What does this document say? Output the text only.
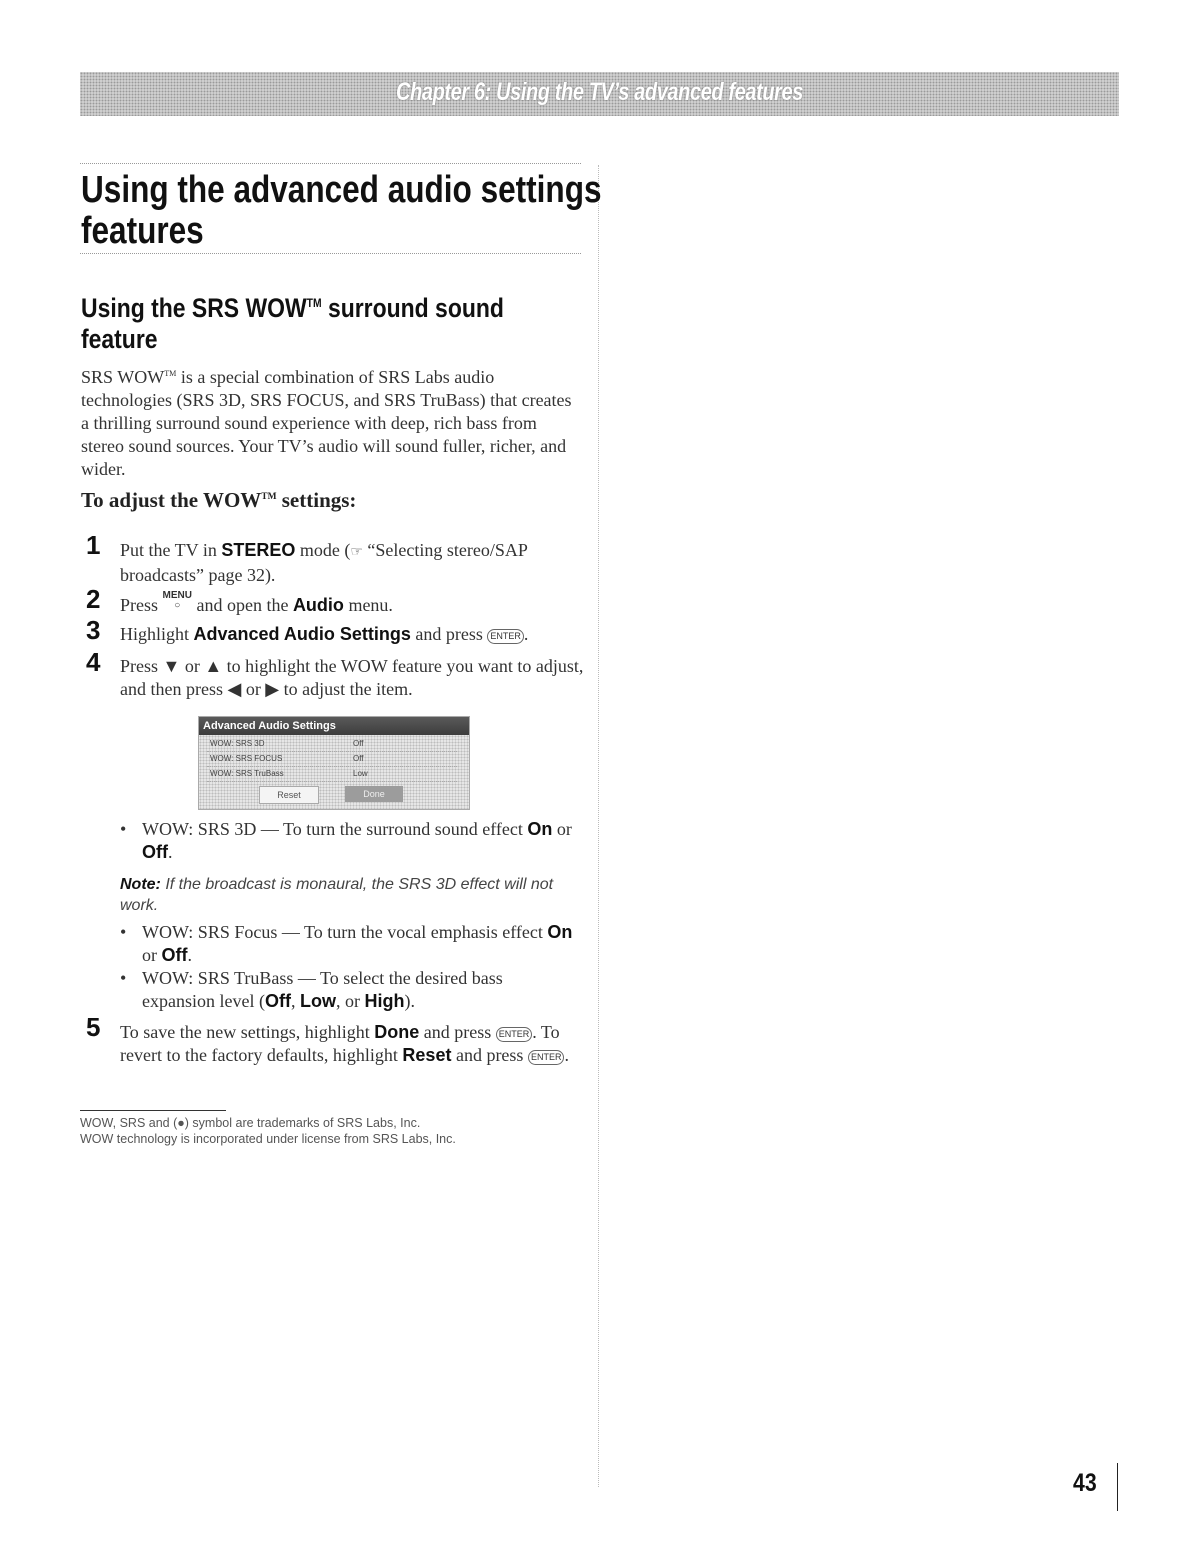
Chapter 6: Using the TV’s advanced features
Using the advanced audio settings
features
Using the SRS WOW™ surround sound
feature
SRS WOW™ is a special combination of SRS Labs audio technologies (SRS 3D, SRS FOCUS, and SRS TruBass) that creates a thrilling surround sound experience with deep, rich bass from stereo sound sources. Your TV’s audio will sound fuller, richer, and wider.
To adjust the WOW™ settings:
1 Put the TV in STEREO mode (☞ “Selecting stereo/SAP broadcasts” page 32).
2 Press MENU
○ and open the Audio menu.
3 Highlight Advanced Audio Settings and press ENTER .
4 Press ▼ or ▲ to highlight the WOW feature you want to adjust, and then press ◀ or ▶ to adjust the item.
Advanced Audio Settings
WOW: SRS 3D	Off
WOW: SRS FOCUS	Off
WOW: SRS TruBass	Low
Reset	Done
• WOW: SRS 3D — To turn the surround sound effect On or Off.
Note: If the broadcast is monaural, the SRS 3D effect will not work.
• WOW: SRS Focus — To turn the vocal emphasis effect On or Off.
• WOW: SRS TruBass — To select the desired bass expansion level (Off, Low, or High).
5 To save the new settings, highlight Done and press ENTER . To revert to the factory defaults, highlight Reset and press ENTER .
WOW, SRS and (●) symbol are trademarks of SRS Labs, Inc.
WOW technology is incorporated under license from SRS Labs, Inc.
43
